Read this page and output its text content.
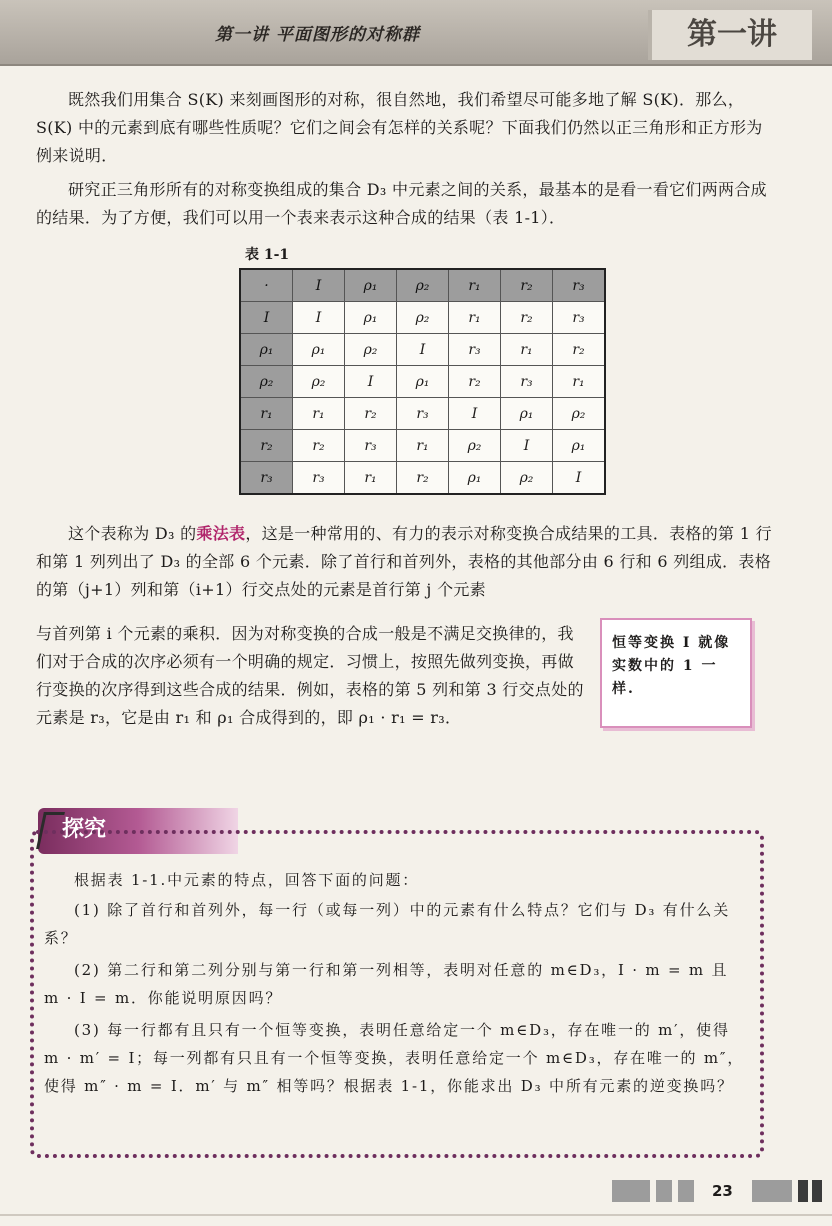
第一讲 平面图形的对称群	第一讲

既然我们用集合 S(K) 来刻画图形的对称，很自然地，我们希望尽可能多地了解 S(K)．那么，S(K) 中的元素到底有哪些性质呢？它们之间会有怎样的关系呢？下面我们仍然以正三角形和正方形为例来说明．

研究正三角形所有的对称变换组成的集合 D₃ 中元素之间的关系，最基本的是看一看它们两两合成的结果．为了方便，我们可以用一个表来表示这种合成的结果（表 1-1）．

表 1-1
·	I	ρ₁	ρ₂	r₁	r₂	r₃
I	I	ρ₁	ρ₂	r₁	r₂	r₃
ρ₁	ρ₁	ρ₂	I	r₃	r₁	r₂
ρ₂	ρ₂	I	ρ₁	r₂	r₃	r₁
r₁	r₁	r₂	r₃	I	ρ₁	ρ₂
r₂	r₂	r₃	r₁	ρ₂	I	ρ₁
r₃	r₃	r₁	r₂	ρ₁	ρ₂	I

这个表称为 D₃ 的乘法表，这是一种常用的、有力的表示对称变换合成结果的工具．表格的第 1 行和第 1 列列出了 D₃ 的全部 6 个元素．除了首行和首列外，表格的其他部分由 6 行和 6 列组成．表格的第（j+1）列和第（i+1）行交点处的元素是首行第 j 个元素

与首列第 i 个元素的乘积．因为对称变换的合成一般是不满足交换律的，我们对于合成的次序必须有一个明确的规定．习惯上，按照先做列变换，再做行变换的次序得到这些合成的结果．例如，表格的第 5 列和第 3 行交点处的元素是 r₃，它是由 r₁ 和 ρ₁ 合成得到的，即 ρ₁ · r₁ = r₃．

恒等变换 I 就像实数中的 1 一样.
探究

根据表 1-1.中元素的特点，回答下面的问题：

(1) 除了首行和首列外，每一行（或每一列）中的元素有什么特点？它们与 D₃ 有什么关系？

(2) 第二行和第二列分别与第一行和第一列相等，表明对任意的 m∈D₃，I · m = m 且 m · I = m．你能说明原因吗？

(3) 每一行都有且只有一个恒等变换，表明任意给定一个 m∈D₃，存在唯一的 m′，使得 m · m′ = I；每一列都有只且有一个恒等变换，表明任意给定一个 m∈D₃，存在唯一的 m″，使得 m″ · m = I．m′ 与 m″ 相等吗？根据表 1-1，你能求出 D₃ 中所有元素的逆变换吗？

23
